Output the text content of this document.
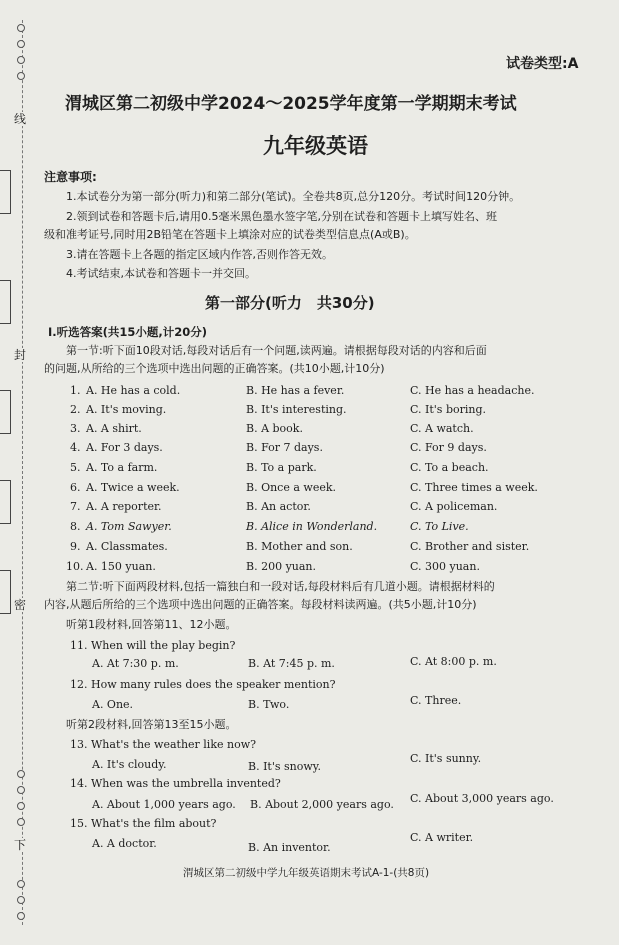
线
封
密
下
试卷类型:A
渭城区第二初级中学2024～2025学年度第一学期期末考试
九年级英语
注意事项:
1.本试卷分为第一部分(听力)和第二部分(笔试)。全卷共8页,总分120分。考试时间120分钟。
2.领到试卷和答题卡后,请用0.5毫米黑色墨水签字笔,分别在试卷和答题卡上填写姓名、班
级和准考证号,同时用2B铅笔在答题卡上填涂对应的试卷类型信息点(A或B)。
3.请在答题卡上各题的指定区域内作答,否则作答无效。
4.考试结束,本试卷和答题卡一并交回。
第一部分(听力　共30分)
Ⅰ.听选答案(共15小题,计20分)
第一节:听下面10段对话,每段对话后有一个问题,读两遍。请根据每段对话的内容和后面
的问题,从所给的三个选项中选出问题的正确答案。(共10小题,计10分)
1. A. He has a cold.	B. He has a fever.	C. He has a headache.
2. A. It's moving.	B. It's interesting.	C. It's boring.
3. A. A shirt.	B. A book.	C. A watch.
4. A. For 3 days.	B. For 7 days.	C. For 9 days.
5. A. To a farm.	B. To a park.	C. To a beach.
6. A. Twice a week.	B. Once a week.	C. Three times a week.
7. A. A reporter.	B. An actor.	C. A policeman.
8. A. Tom Sawyer.	B. Alice in Wonderland.	C. To Live.
9. A. Classmates.	B. Mother and son.	C. Brother and sister.
10. A. 150 yuan.	B. 200 yuan.	C. 300 yuan.
第二节:听下面两段材料,包括一篇独白和一段对话,每段材料后有几道小题。请根据材料的
内容,从题后所给的三个选项中选出问题的正确答案。每段材料读两遍。(共5小题,计10分)
听第1段材料,回答第11、12小题。
11. When will the play begin?
A. At 7:30 p. m.	B. At 7:45 p. m.	C. At 8:00 p. m.
12. How many rules does the speaker mention?
A. One.	B. Two.	C. Three.
听第2段材料,回答第13至15小题。
13. What's the weather like now?
A. It's cloudy.	B. It's snowy.
C. It's sunny.
14. When was the umbrella invented?
A. About 1,000 years ago. B. About 2,000 years ago. C. About 3,000 years ago.
15. What's the film about?
A. A doctor.	B. An inventor.
C. A writer.
渭城区第二初级中学九年级英语期末考试A-1-(共8页)
